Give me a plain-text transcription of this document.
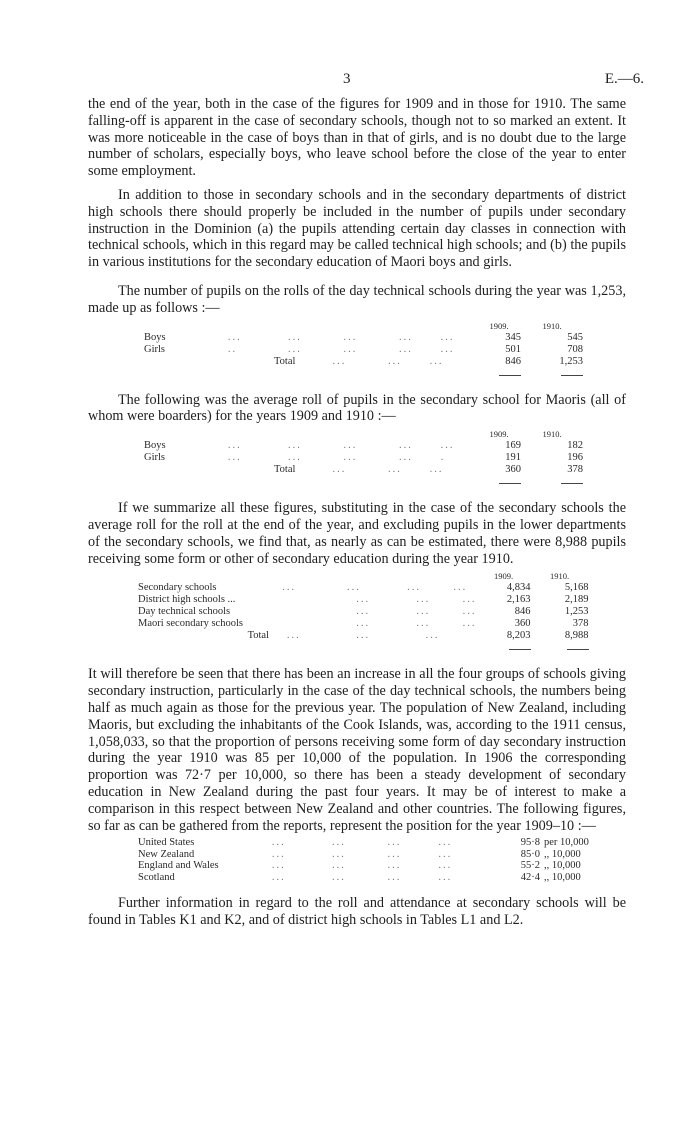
3	E.—6.

the end of the year, both in the case of the figures for 1909 and in those for 1910. The same falling-off is apparent in the case of secondary schools, though not to so marked an extent. It was more noticeable in the case of boys than in that of girls, and is no doubt due to the large number of scholars, especially boys, who leave school before the close of the year to enter some employment.

In addition to those in secondary schools and in the secondary departments of district high schools there should properly be included in the number of pupils under secondary instruction in the Dominion (a) the pupils attending certain day classes in connection with technical schools, which in this regard may be called technical high schools; and (b) the pupils in various institutions for the secondary education of Maori boys and girls.

The number of pupils on the rolls of the day technical schools during the year was 1,253, made up as follows :—

		1909.	1910.
Boys	...          ...         ...         ...      ...	345	545
Girls	..           ...         ...         ...      ...	501	708
	Total        ...         ...      ...	846	1,253

The following was the average roll of pupils in the secondary school for Maoris (all of whom were boarders) for the years 1909 and 1910 :—

		1909.	1910.
Boys	...          ...         ...         ...      ...	169	182
Girls	...          ...         ...         ...      .	191	196
	Total        ...         ...      ...	360	378

If we summarize all these figures, substituting in the case of the secondary schools the average roll for the roll at the end of the year, and excluding pupils in the lower departments of the secondary schools, we find that, as nearly as can be estimated, there were 8,988 pupils receiving some form or other of secondary education during the year 1910.

		1909.	1910.
Secondary schools	...           ...          ...       ...	4,834	5,168
District high schools ...	...          ...       ...	2,163	2,189
Day technical schools	...          ...       ...	846	1,253
Maori secondary schools	...          ...       ...	360	378
Total	...            ...            ...	8,203	8,988

It will therefore be seen that there has been an increase in all the four groups of schools giving secondary instruction, particularly in the case of the day technical schools, the numbers being half as much again as those for the previous year. The population of New Zealand, including Maoris, but excluding the inhabitants of the Cook Islands, was, according to the 1911 census, 1,058,033, so that the proportion of persons receiving some form of day secondary instruction during the year 1910 was 85 per 10,000 of the population. In 1906 the corresponding proportion was 72·7 per 10,000, so there has been a steady development of secondary education in New Zealand during the past four years. It may be of interest to make a comparison in this respect between New Zealand and other countries. The following figures, so far as can be gathered from the reports, represent the position for the year 1909–10 :—

United States	...          ...         ...        ...	95·8	per 10,000
New Zealand	...          ...         ...        ...	85·0	,, 10,000
England and Wales	...          ...         ...        ...	55·2	,, 10,000
Scotland	...          ...         ...        ...	42·4	,, 10,000

Further information in regard to the roll and attendance at secondary schools will be found in Tables K1 and K2, and of district high schools in Tables L1 and L2.
